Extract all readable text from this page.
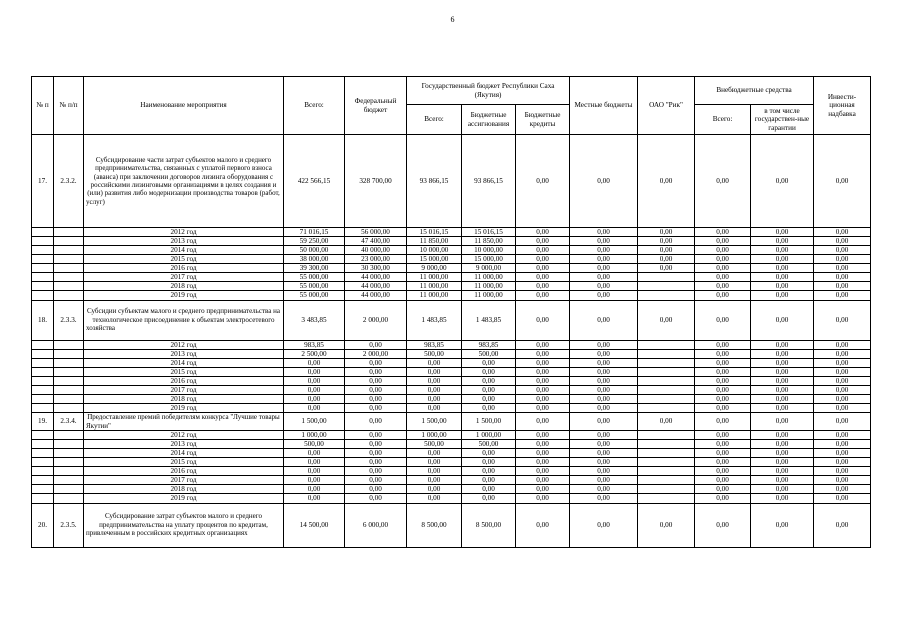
6
№ п	№ п/п	Наименование мероприятия	Всего:	Федеральный бюджет	Государственный бюджет Республики Саха (Якутия)			Местные бюджеты	ОАО "Рик"	Внебюджетные средства		Инвести-ционная надбавка
					Всего:	Бюджетные ассигнования	Бюджетные кредиты			Всего:	в том числе государствен-ные гарантии	
17.	2.3.2.	Субсидирование части затрат субъектов малого и среднего предпринимательства, связанных с уплатой первого взноса (аванса) при заключении договоров лизинга оборудования с российскими лизинговыми организациями в целях создания и (или) развития либо модернизации производства товаров (работ, услуг)	422 566,15	328 700,00	93 866,15	93 866,15	0,00	0,00	0,00	0,00	0,00	0,00
		2012 год	71 016,15	56 000,00	15 016,15	15 016,15	0,00	0,00	0,00	0,00	0,00	0,00
		2013 год	59 250,00	47 400,00	11 850,00	11 850,00	0,00	0,00	0,00	0,00	0,00	0,00
		2014 год	50 000,00	40 000,00	10 000,00	10 000,00	0,00	0,00	0,00	0,00	0,00	0,00
		2015 год	38 000,00	23 000,00	15 000,00	15 000,00	0,00	0,00	0,00	0,00	0,00	0,00
		2016 год	39 300,00	30 300,00	9 000,00	9 000,00	0,00	0,00	0,00	0,00	0,00	0,00
		2017 год	55 000,00	44 000,00	11 000,00	11 000,00	0,00	0,00		0,00	0,00	0,00
		2018 год	55 000,00	44 000,00	11 000,00	11 000,00	0,00	0,00		0,00	0,00	0,00
		2019 год	55 000,00	44 000,00	11 000,00	11 000,00	0,00	0,00		0,00	0,00	0,00
18.	2.3.3.	Субсидии субъектам малого и среднего предпринимательства на технологическое присоединение к объектам электросетевого хозяйства	3 483,85	2 000,00	1 483,85	1 483,85	0,00	0,00	0,00	0,00	0,00	0,00
		2012 год	983,85	0,00	983,85	983,85	0,00	0,00		0,00	0,00	0,00
		2013 год	2 500,00	2 000,00	500,00	500,00	0,00	0,00		0,00	0,00	0,00
		2014 год	0,00	0,00	0,00	0,00	0,00	0,00		0,00	0,00	0,00
		2015 год	0,00	0,00	0,00	0,00	0,00	0,00		0,00	0,00	0,00
		2016 год	0,00	0,00	0,00	0,00	0,00	0,00		0,00	0,00	0,00
		2017 год	0,00	0,00	0,00	0,00	0,00	0,00		0,00	0,00	0,00
		2018 год	0,00	0,00	0,00	0,00	0,00	0,00		0,00	0,00	0,00
		2019 год	0,00	0,00	0,00	0,00	0,00	0,00		0,00	0,00	0,00
19.	2.3.4.	Предоставление премий победителям конкурса "Лучшие товары Якутии"	1 500,00	0,00	1 500,00	1 500,00	0,00	0,00	0,00	0,00	0,00	0,00
		2012 год	1 000,00	0,00	1 000,00	1 000,00	0,00	0,00		0,00	0,00	0,00
		2013 год	500,00	0,00	500,00	500,00	0,00	0,00		0,00	0,00	0,00
		2014 год	0,00	0,00	0,00	0,00	0,00	0,00		0,00	0,00	0,00
		2015 год	0,00	0,00	0,00	0,00	0,00	0,00		0,00	0,00	0,00
		2016 год	0,00	0,00	0,00	0,00	0,00	0,00		0,00	0,00	0,00
		2017 год	0,00	0,00	0,00	0,00	0,00	0,00		0,00	0,00	0,00
		2018 год	0,00	0,00	0,00	0,00	0,00	0,00		0,00	0,00	0,00
		2019 год	0,00	0,00	0,00	0,00	0,00	0,00		0,00	0,00	0,00
20.	2.3.5.	Субсидирование затрат субъектов малого и среднего предпринимательства на уплату процентов по кредитам, привлеченным в российских кредитных организациях	14 500,00	6 000,00	8 500,00	8 500,00	0,00	0,00	0,00	0,00	0,00	0,00
